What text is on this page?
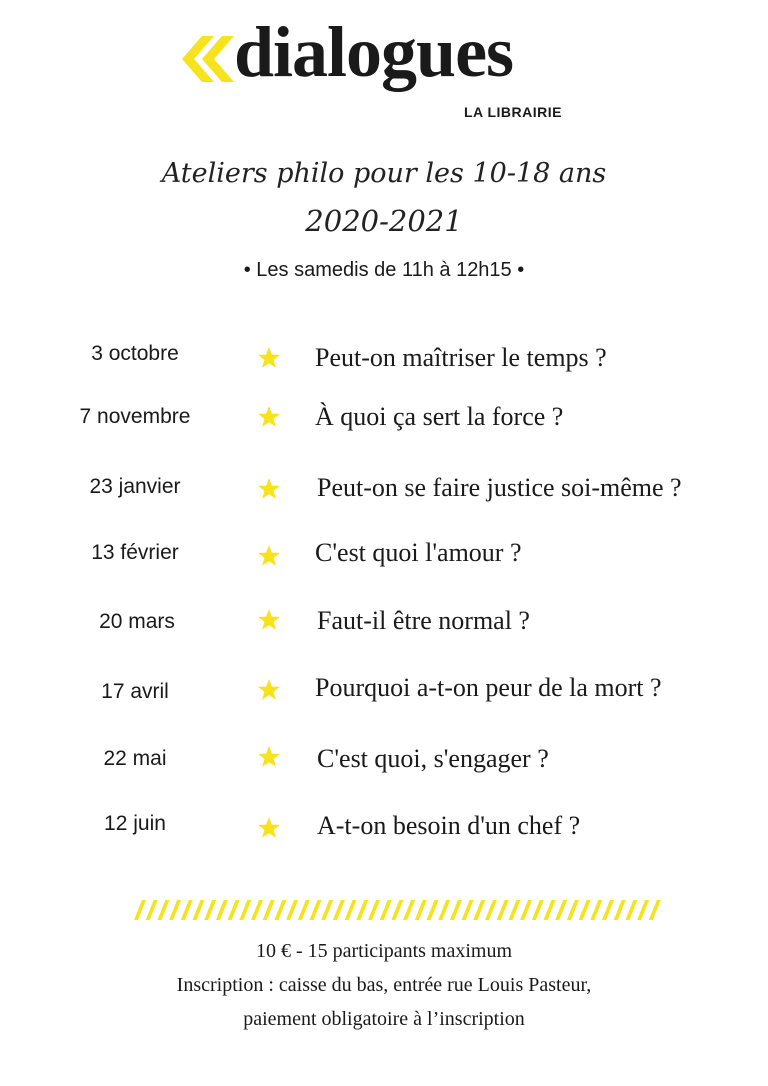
dialogues
LA LIBRAIRIE
Ateliers philo pour les 10-18 ans
2020-2021
• Les samedis de 11h à 12h15 •
3 octobre	Peut-on maîtriser le temps ?
7 novembre	À quoi ça sert la force ?
23 janvier	Peut-on se faire justice soi-même ?
13 février	C'est quoi l'amour ?
20 mars	Faut-il être normal ?
17 avril	Pourquoi a-t-on peur de la mort ?
22 mai	C'est quoi, s'engager ?
12 juin	A-t-on besoin d'un chef ?
10 € - 15 participants maximum
Inscription : caisse du bas, entrée rue Louis Pasteur,
paiement obligatoire à l’inscription
